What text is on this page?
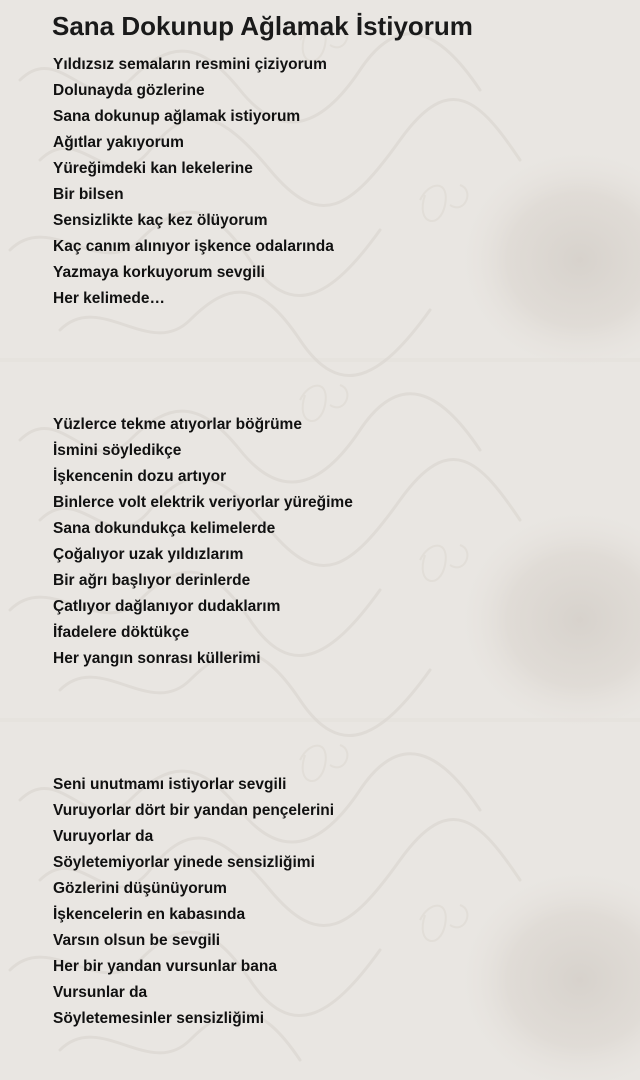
Sana Dokunup Ağlamak İstiyorum
Yıldızsız semaların resmini çiziyorum
Dolunayda gözlerine
Sana dokunup ağlamak istiyorum
Ağıtlar yakıyorum
Yüreğimdeki kan lekelerine
Bir bilsen
Sensizlikte kaç kez ölüyorum
Kaç canım alınıyor işkence odalarında
Yazmaya korkuyorum sevgili
Her kelimede…
Yüzlerce tekme atıyorlar böğrüme
İsmini söyledikçe
İşkencenin dozu artıyor
Binlerce volt elektrik veriyorlar yüreğime
Sana dokundukça kelimelerde
Çoğalıyor uzak yıldızlarım
Bir ağrı başlıyor derinlerde
Çatlıyor dağlanıyor dudaklarım
İfadelere döktükçe
Her yangın sonrası küllerimi
Seni unutmamı istiyorlar sevgili
Vuruyorlar dört bir yandan pençelerini
Vuruyorlar da
Söyletemiyorlar yinede sensizliğimi
Gözlerini düşünüyorum
İşkencelerin en kabasında
Varsın olsun be sevgili
Her bir yandan vursunlar bana
Vursunlar da
Söyletemesinler sensizliğimi
